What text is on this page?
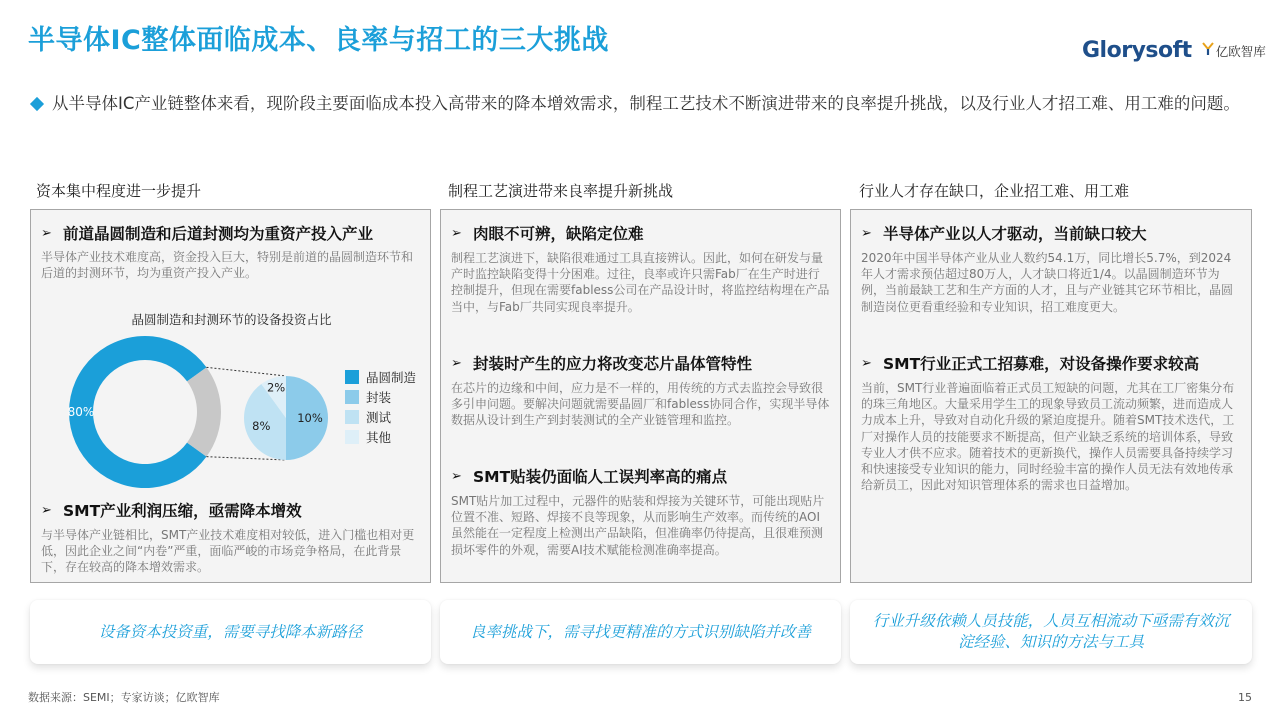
半导体IC整体面临成本、良率与招工的三大挑战	Glorysoft 亿欧智库
从半导体IC产业链整体来看，现阶段主要面临成本投入高带来的降本增效需求，制程工艺技术不断演进带来的良率提升挑战，以及行业人才招工难、用工难的问题。
资本集中程度进一步提升
➢ 前道晶圆制造和后道封测均为重资产投入产业
半导体产业技术难度高，资金投入巨大，特别是前道的晶圆制造环节和后道的封测环节，均为重资产投入产业。
晶圆制造和封测环节的设备投资占比
80%	10%
8%
2%
晶圆制造
封装
测试
其他
➢ SMT产业利润压缩，亟需降本增效
与半导体产业链相比，SMT产业技术难度相对较低，进入门槛也相对更低，因此企业之间“内卷”严重，面临严峻的市场竞争格局，在此背景下，存在较高的降本增效需求。
制程工艺演进带来良率提升新挑战
➢ 肉眼不可辨，缺陷定位难
制程工艺演进下，缺陷很难通过工具直接辨认。因此，如何在研发与量产时监控缺陷变得十分困难。过往，良率或许只需Fab厂在生产时进行控制提升，但现在需要fabless公司在产品设计时，将监控结构埋在产品当中，与Fab厂共同实现良率提升。
➢ 封装时产生的应力将改变芯片晶体管特性
在芯片的边缘和中间，应力是不一样的，用传统的方式去监控会导致很多引申问题。要解决问题就需要晶圆厂和fabless协同合作，实现半导体数据从设计到生产到封装测试的全产业链管理和监控。
➢ SMT贴装仍面临人工误判率高的痛点
SMT贴片加工过程中，元器件的贴装和焊接为关键环节，可能出现贴片位置不准、短路、焊接不良等现象，从而影响生产效率。而传统的AOI虽然能在一定程度上检测出产品缺陷，但准确率仍待提高，且很难预测损坏零件的外观，需要AI技术赋能检测准确率提高。
行业人才存在缺口，企业招工难、用工难
➢ 半导体产业以人才驱动，当前缺口较大
2020年中国半导体产业从业人数约54.1万，同比增长5.7%，到2024年人才需求预估超过80万人，人才缺口将近1/4。以晶圆制造环节为例，当前最缺工艺和生产方面的人才，且与产业链其它环节相比，晶圆制造岗位更看重经验和专业知识，招工难度更大。
➢ SMT行业正式工招募难，对设备操作要求较高
当前，SMT行业普遍面临着正式员工短缺的问题，尤其在工厂密集分布的珠三角地区。大量采用学生工的现象导致员工流动频繁，进而造成人力成本上升，导致对自动化升级的紧迫度提升。随着SMT技术迭代，工厂对操作人员的技能要求不断提高，但产业缺乏系统的培训体系，导致专业人才供不应求。随着技术的更新换代，操作人员需要具备持续学习和快速接受专业知识的能力，同时经验丰富的操作人员无法有效地传承给新员工，因此对知识管理体系的需求也日益增加。
设备资本投资重，需要寻找降本新路径	良率挑战下，需寻找更精准的方式识别缺陷并改善
行业升级依赖人员技能，人员互相流动下亟需有效沉淀经验、知识的方法与工具
数据来源：SEMI；专家访谈；亿欧智库	15
